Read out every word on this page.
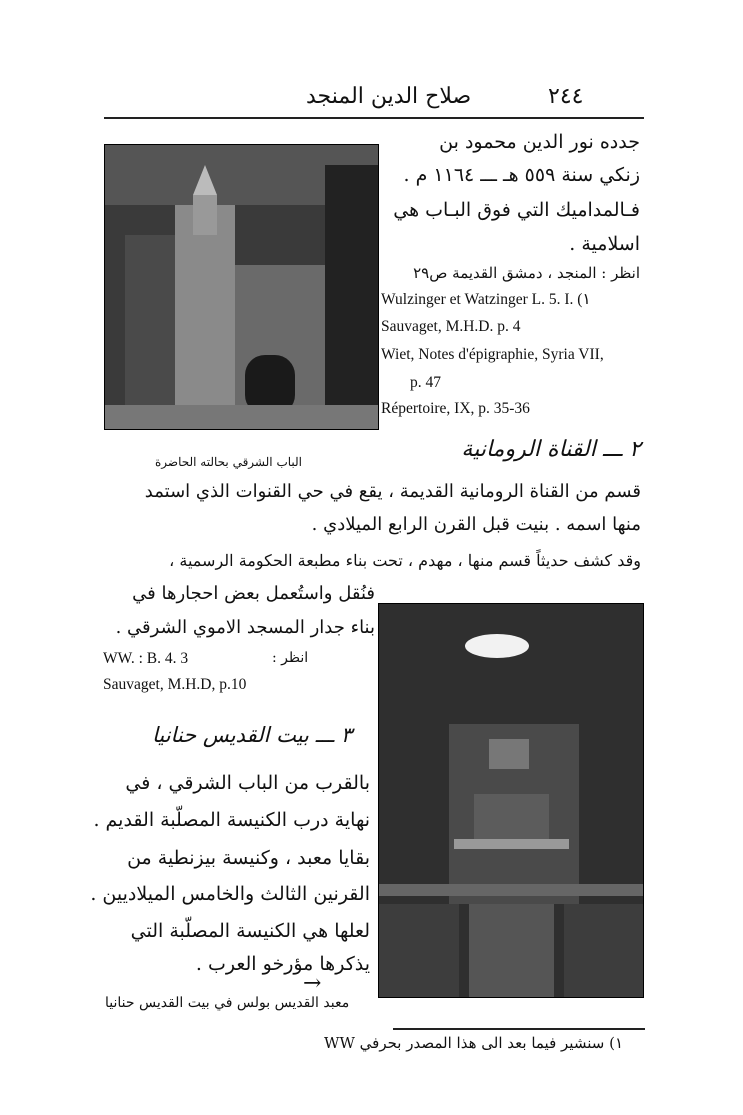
٢٤٤
صلاح الدين المنجد
جدده نور الدين محمود بن
زنكي سنة ٥٥٩ هـ ـــ ١١٦٤ م .
فـالمداميك التي فوق البـاب هي
اسلامية .
انظر : المنجد ، دمشق القديمة ص٢٩
Wulzinger et Watzinger L. 5. I. (١
Sauvaget, M.H.D. p. 4
Wiet, Notes d'épigraphie, Syria VII,
p. 47
Répertoire, IX, p. 35-36
الباب الشرقي بحالته الحاضرة	٢ ـــ القناة الرومانية
قسم من القناة الرومانية القديمة ، يقع في حي القنوات الذي استمد
منها اسمه . بنيت قبل القرن الرابع الميلادي .
وقد كشف حديثاً قسم منها ، مهدم ، تحت بناء مطبعة الحكومة الرسمية ،
فنُقل واستُعمل بعض احجارها في
بناء جدار المسجد الاموي الشرقي .
WW. : B. 4. 3	انظر :
Sauvaget, M.H.D, p.10
٣ ـــ بيت القديس حنانيا
بالقرب من الباب الشرقي ، في
نهاية درب الكنيسة المصلّبة القديم .
بقايا معبد ، وكنيسة بيزنطية من
القرنين الثالث والخامس الميلاديين .
لعلها هي الكنيسة المصلّبة التي
يذكرها مؤرخو العرب .
→
معبد القديس بولس في بيت القديس حنانيا
١) سنشير فيما بعد الى هذا المصدر بحرفي WW
